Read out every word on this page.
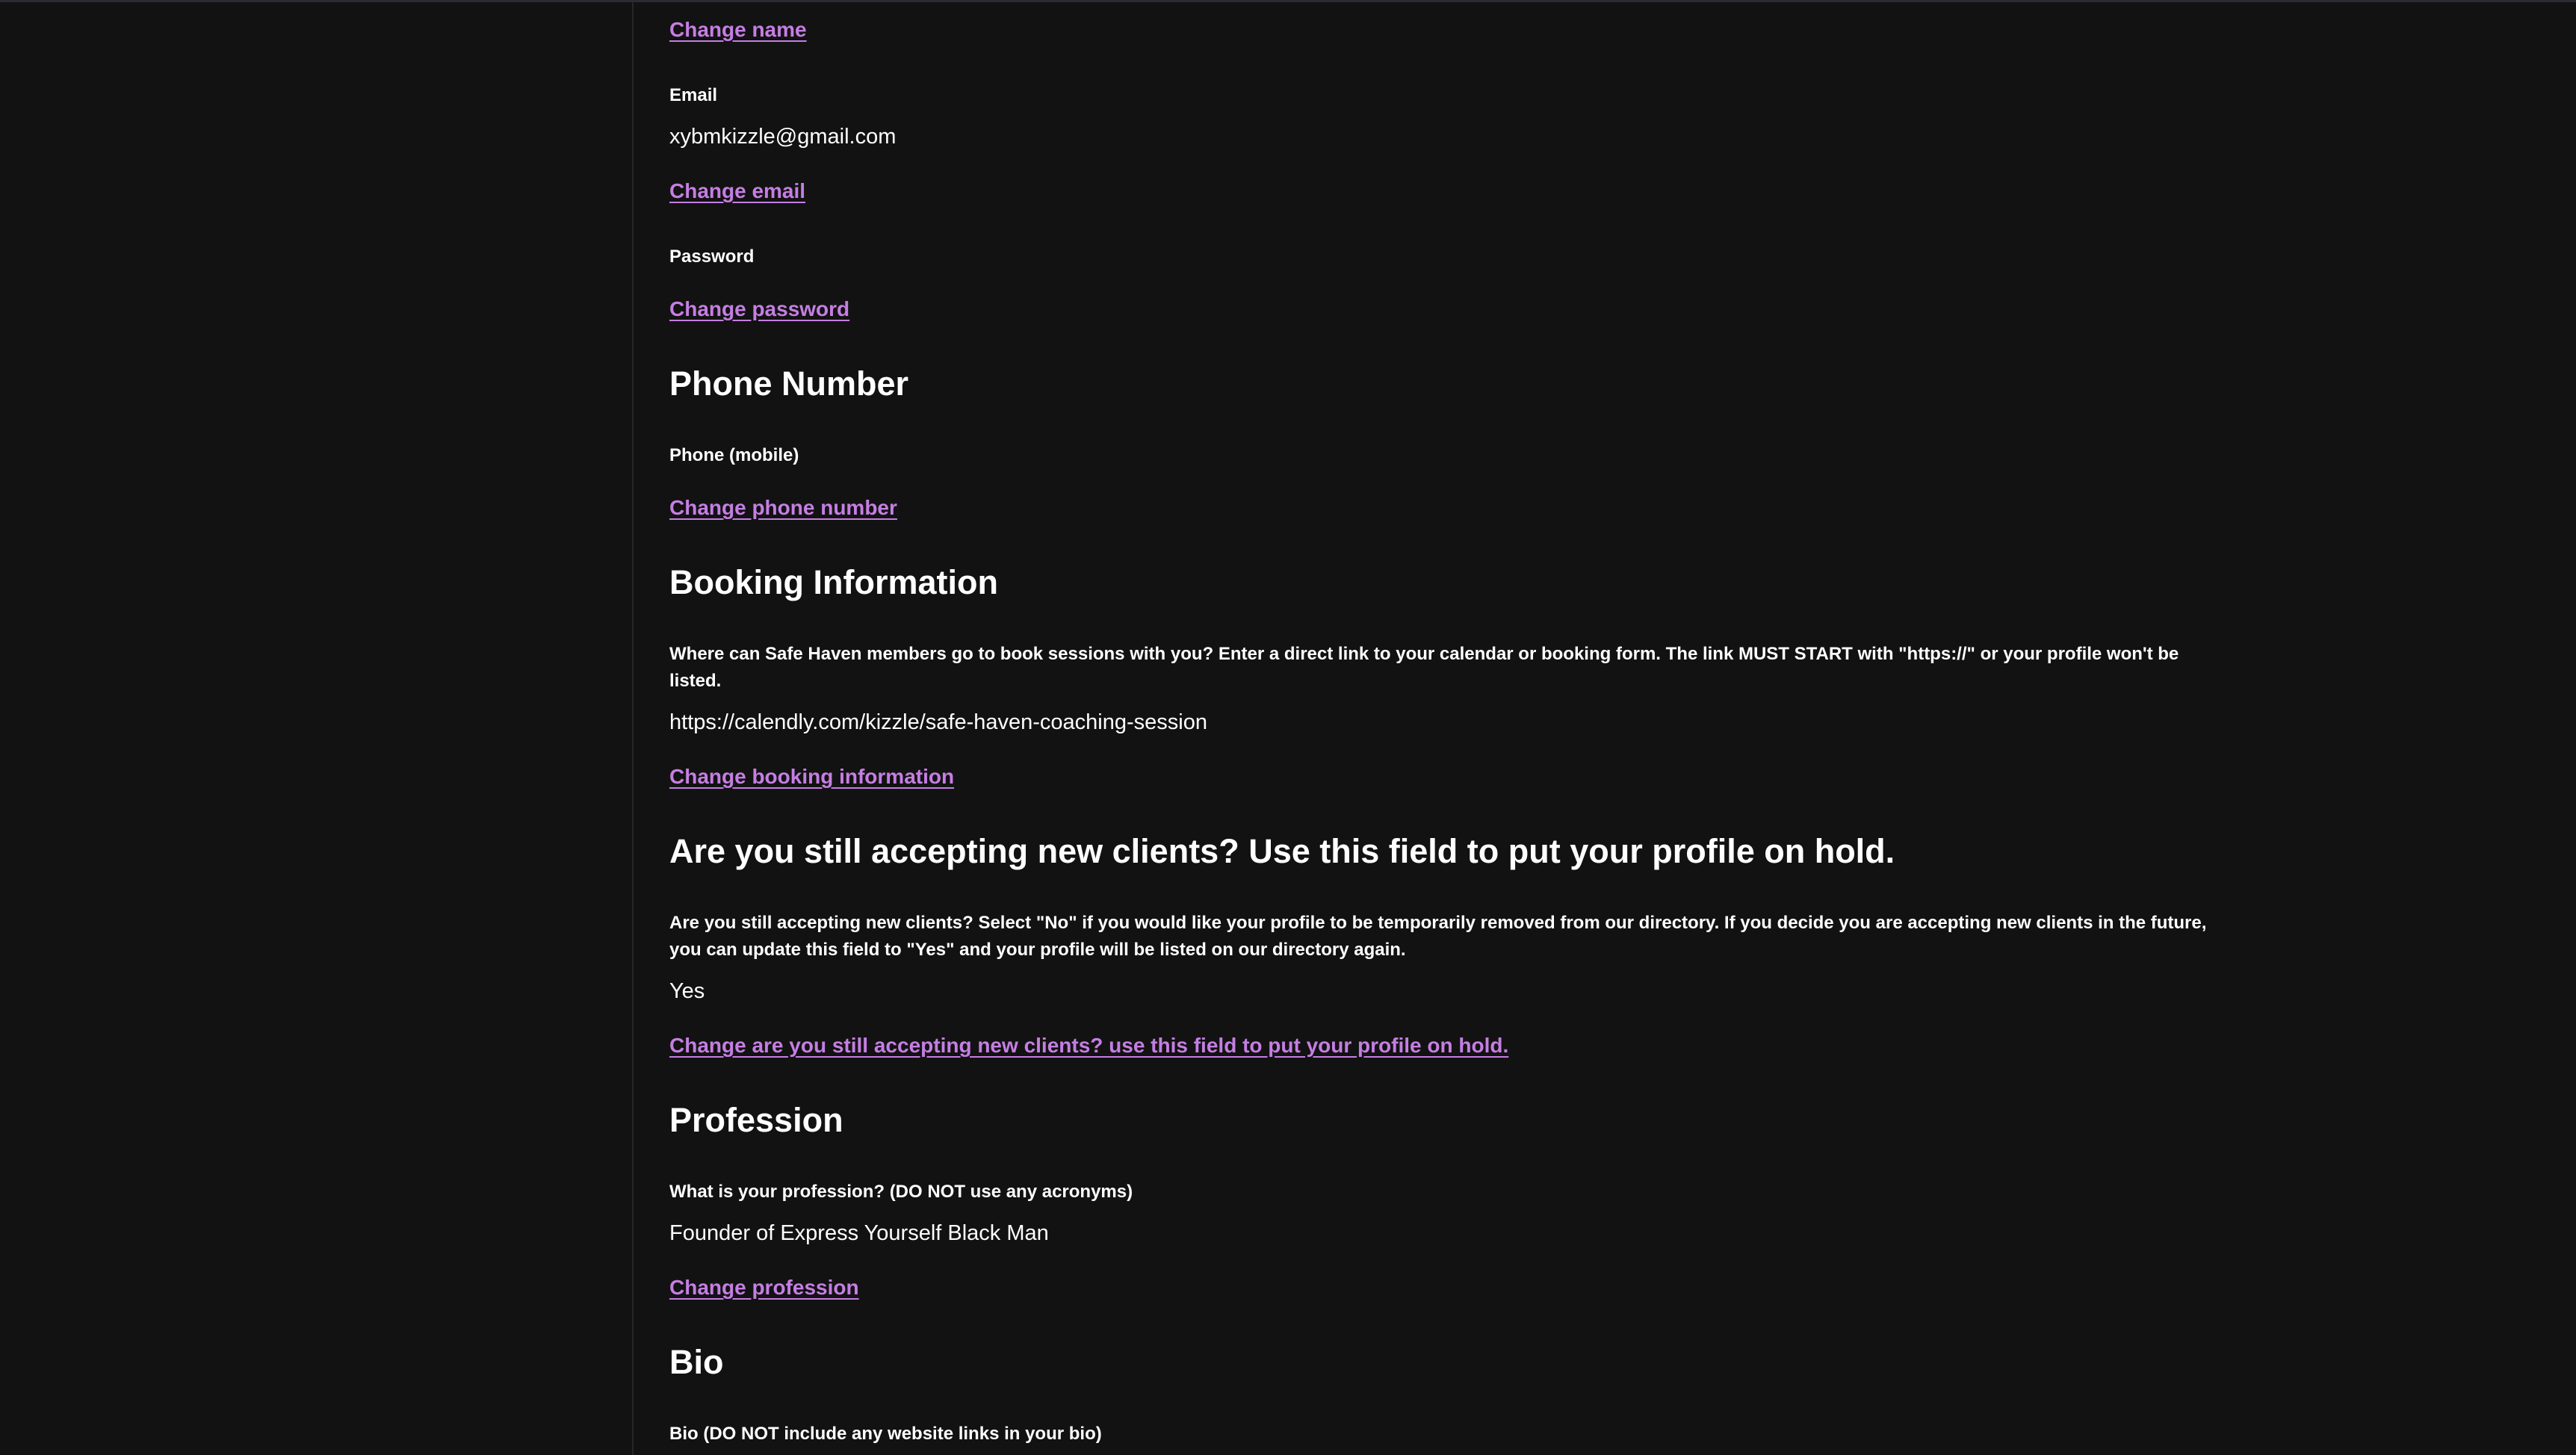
Change name
Email
xybmkizzle@gmail.com
Change email
Password
Change password
Phone Number
Phone (mobile)
Change phone number
Booking Information
Where can Safe Haven members go to book sessions with you? Enter a direct link to your calendar or booking form. The link MUST START with "https://" or your profile won't be listed.
https://calendly.com/kizzle/safe-haven-coaching-session
Change booking information
Are you still accepting new clients? Use this field to put your profile on hold.
Are you still accepting new clients? Select "No" if you would like your profile to be temporarily removed from our directory. If you decide you are accepting new clients in the future, you can update this field to "Yes" and your profile will be listed on our directory again.
Yes
Change are you still accepting new clients? use this field to put your profile on hold.
Profession
What is your profession? (DO NOT use any acronyms)
Founder of Express Yourself Black Man
Change profession
Bio
Bio (DO NOT include any website links in your bio)
